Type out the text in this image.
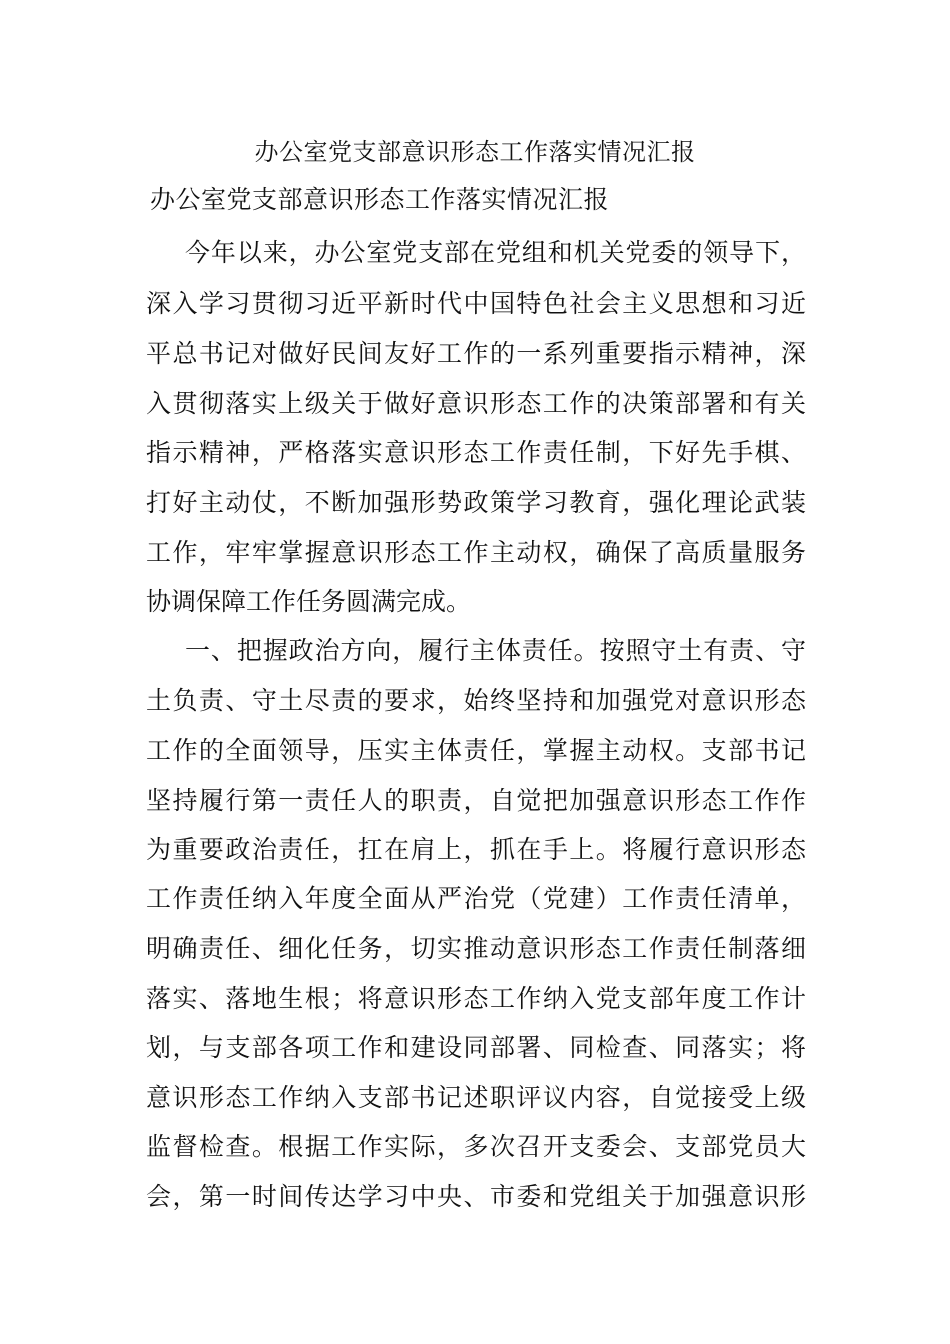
办公室党支部意识形态工作落实情况汇报
办公室党支部意识形态工作落实情况汇报
今年以来，办公室党支部在党组和机关党委的领导下，
深入学习贯彻习近平新时代中国特色社会主义思想和习近
平总书记对做好民间友好工作的一系列重要指示精神，深
入贯彻落实上级关于做好意识形态工作的决策部署和有关
指示精神，严格落实意识形态工作责任制，下好先手棋、
打好主动仗，不断加强形势政策学习教育，强化理论武装
工作，牢牢掌握意识形态工作主动权，确保了高质量服务
协调保障工作任务圆满完成。
一、把握政治方向，履行主体责任。按照守土有责、守
土负责、守土尽责的要求，始终坚持和加强党对意识形态
工作的全面领导，压实主体责任，掌握主动权。支部书记
坚持履行第一责任人的职责，自觉把加强意识形态工作作
为重要政治责任，扛在肩上，抓在手上。将履行意识形态
工作责任纳入年度全面从严治党（党建）工作责任清单，
明确责任、细化任务，切实推动意识形态工作责任制落细
落实、落地生根；将意识形态工作纳入党支部年度工作计
划，与支部各项工作和建设同部署、同检查、同落实；将
意识形态工作纳入支部书记述职评议内容，自觉接受上级
监督检查。根据工作实际，多次召开支委会、支部党员大
会，第一时间传达学习中央、市委和党组关于加强意识形
